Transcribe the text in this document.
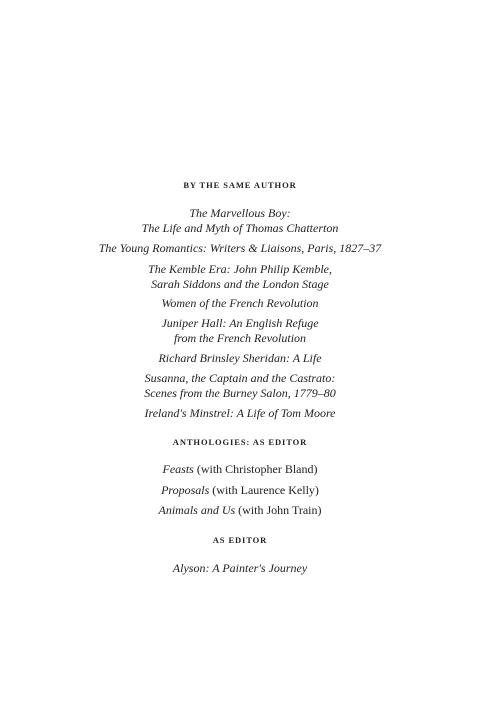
BY THE SAME AUTHOR
The Marvellous Boy:
The Life and Myth of Thomas Chatterton
The Young Romantics: Writers & Liaisons, Paris, 1827–37
The Kemble Era: John Philip Kemble,
Sarah Siddons and the London Stage
Women of the French Revolution
Juniper Hall: An English Refuge
from the French Revolution
Richard Brinsley Sheridan: A Life
Susanna, the Captain and the Castrato:
Scenes from the Burney Salon, 1779–80
Ireland's Minstrel: A Life of Tom Moore
ANTHOLOGIES: AS EDITOR
Feasts (with Christopher Bland)
Proposals (with Laurence Kelly)
Animals and Us (with John Train)
AS EDITOR
Alyson: A Painter's Journey
